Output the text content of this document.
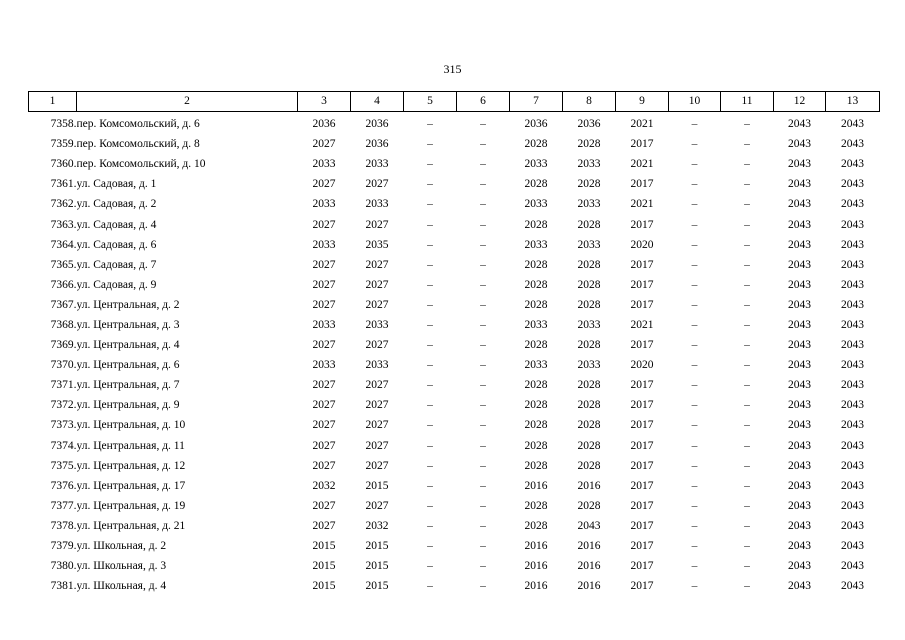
315
1	2	3	4	5	6	7	8	9	10	11	12	13
7358.	пер. Комсомольский, д. 6	2036	2036	–	–	2036	2036	2021	–	–	2043	2043
7359.	пер. Комсомольский, д. 8	2027	2036	–	–	2028	2028	2017	–	–	2043	2043
7360.	пер. Комсомольский, д. 10	2033	2033	–	–	2033	2033	2021	–	–	2043	2043
7361.	ул. Садовая, д. 1	2027	2027	–	–	2028	2028	2017	–	–	2043	2043
7362.	ул. Садовая, д. 2	2033	2033	–	–	2033	2033	2021	–	–	2043	2043
7363.	ул. Садовая, д. 4	2027	2027	–	–	2028	2028	2017	–	–	2043	2043
7364.	ул. Садовая, д. 6	2033	2035	–	–	2033	2033	2020	–	–	2043	2043
7365.	ул. Садовая, д. 7	2027	2027	–	–	2028	2028	2017	–	–	2043	2043
7366.	ул. Садовая, д. 9	2027	2027	–	–	2028	2028	2017	–	–	2043	2043
7367.	ул. Центральная, д. 2	2027	2027	–	–	2028	2028	2017	–	–	2043	2043
7368.	ул. Центральная, д. 3	2033	2033	–	–	2033	2033	2021	–	–	2043	2043
7369.	ул. Центральная, д. 4	2027	2027	–	–	2028	2028	2017	–	–	2043	2043
7370.	ул. Центральная, д. 6	2033	2033	–	–	2033	2033	2020	–	–	2043	2043
7371.	ул. Центральная, д. 7	2027	2027	–	–	2028	2028	2017	–	–	2043	2043
7372.	ул. Центральная, д. 9	2027	2027	–	–	2028	2028	2017	–	–	2043	2043
7373.	ул. Центральная, д. 10	2027	2027	–	–	2028	2028	2017	–	–	2043	2043
7374.	ул. Центральная, д. 11	2027	2027	–	–	2028	2028	2017	–	–	2043	2043
7375.	ул. Центральная, д. 12	2027	2027	–	–	2028	2028	2017	–	–	2043	2043
7376.	ул. Центральная, д. 17	2032	2015	–	–	2016	2016	2017	–	–	2043	2043
7377.	ул. Центральная, д. 19	2027	2027	–	–	2028	2028	2017	–	–	2043	2043
7378.	ул. Центральная, д. 21	2027	2032	–	–	2028	2043	2017	–	–	2043	2043
7379.	ул. Школьная, д. 2	2015	2015	–	–	2016	2016	2017	–	–	2043	2043
7380.	ул. Школьная, д. 3	2015	2015	–	–	2016	2016	2017	–	–	2043	2043
7381.	ул. Школьная, д. 4	2015	2015	–	–	2016	2016	2017	–	–	2043	2043
